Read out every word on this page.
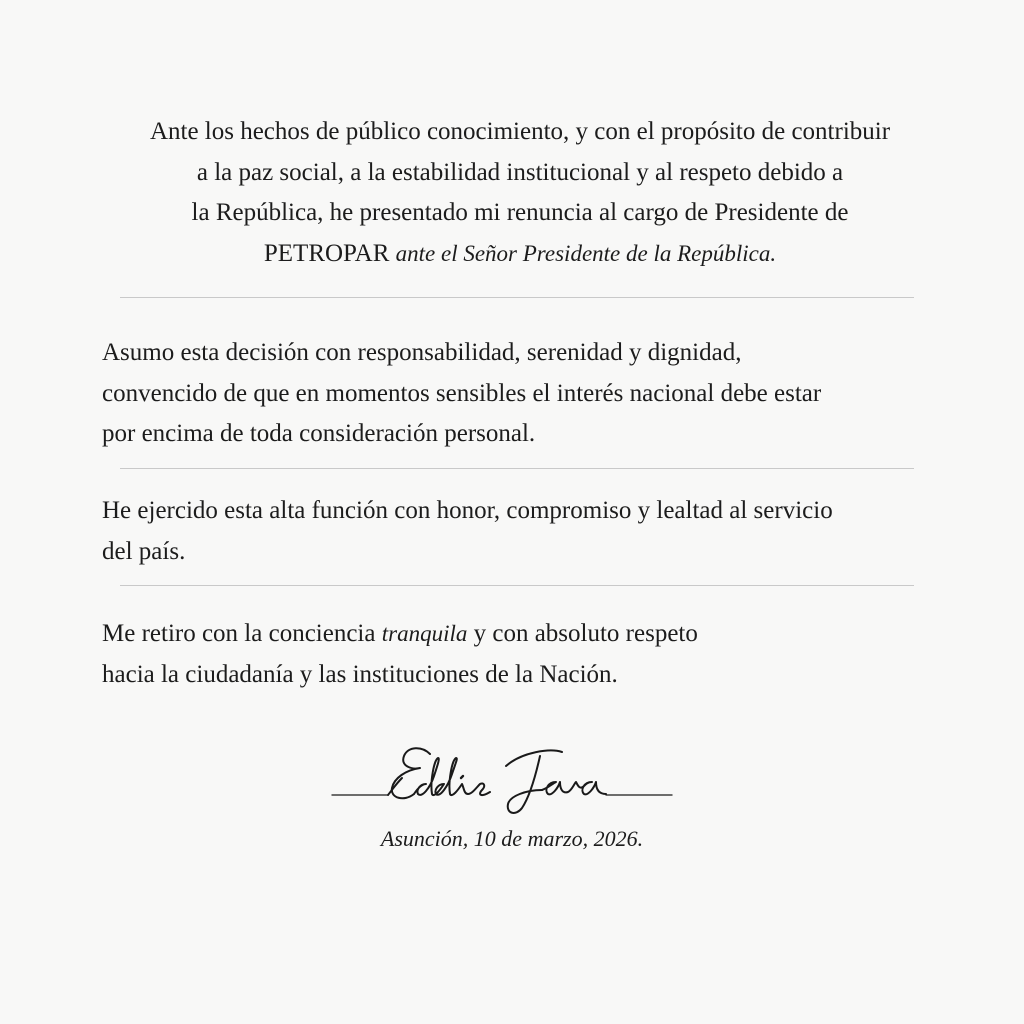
Ante los hechos de público conocimiento, y con el propósito de contribuir
a la paz social, a la estabilidad institucional y al respeto debido a
la República, he presentado mi renuncia al cargo de Presidente de
PETROPAR ante el Señor Presidente de la República.
Asumo esta decisión con responsabilidad, serenidad y dignidad,
convencido de que en momentos sensibles el interés nacional debe estar
por encima de toda consideración personal.
He ejercido esta alta función con honor, compromiso y lealtad al servicio
del país.
Me retiro con la conciencia tranquila y con absoluto respeto
hacia la ciudadanía y las instituciones de la Nación.
Asunción, 10 de marzo, 2026.
